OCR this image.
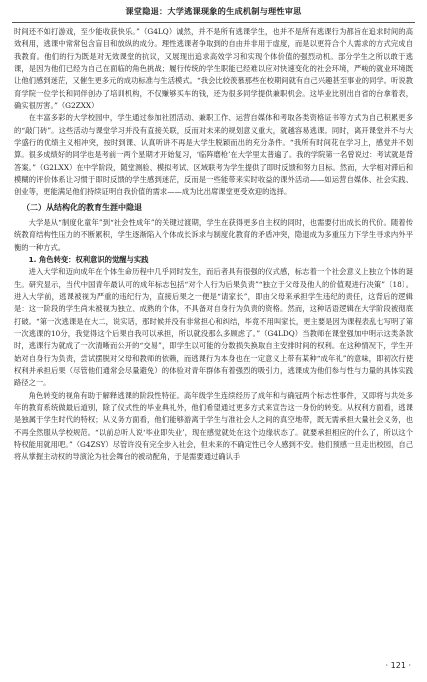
课堂隐退：大学逃课现象的生成机制与理性审思

时间还不如打游戏，至少能收获快乐。”（G4LQ）诚然，并不是所有逃课学生，也并不是所有逃课行为都旨在追求时间的高效利用，逃课中常常包含盲目和放纵的成分。理性逃课者争取到的自由并非用于虚度，而是以更符合个人需求的方式完成自我教育。他们的行为既是对无效课堂的抗议，又展现出追求高效学习和实现个体价值的强烈动机。部分学生之所以敢于逃课，是因为他们已经为自己在面临的角色挑战；履行传统的学生职能已经难以应对快速变化的社会环境，严峻的就业环境既让他们感到迷茫，又催生更多元的成功标准与生活模式。“我会比较羡慕那些在校期间就有自己兴趣甚至事业的同学。听说教育学院一位学长和同伴创办了培训机构，不仅赚够买车的钱，还为很多同学提供兼职机会。这毕业比别出自省的台拿着表，确实很厉害。”（G2ZXX）

在丰富多彩的大学校园中，学生通过参加社团活动、兼职工作、运营自媒体和考取各类资格证书等方式为自己积累更多的“敲门砖”。这些活动与课堂学习并没有直接关联，反而对未来的规划意义重大，就越容易逃课。同时，离开课堂并不与大学盛行的优绩主义相冲突，按时到课、认真听讲不再是大学生脱颖而出的充分条件。“我所有时间花在学习上，感觉并不划算。很多成绩好的同学也是考前一两个星期才开始复习，‘临阵磨枪’在大学里太普遍了。我的学院第一名曾说过：考试就是背答案。”（G2LXX）在中学阶段，随堂测验、模拟考试、区域联考为学生提供了即时反馈和努力目标。然而，大学相对滞后和模糊的评价体系让习惯于即时反馈的学生感到迷茫，反而是一些能带来实时收益的课外活动——如运营自媒体、社会实践、创业等，更能满足他们持续证明自我价值的需求——成为比出席课堂更受欢迎的选择。

（二）从结构化的教育生涯中隐退

大学是从“制度化童年”到“社会性成年”的关键过渡期，学生在获得更多自主权的同时，也需要付出成长的代价。随着传统教育结构性压力的不断累积，学生逐渐陷入个体成长诉求与制度化教育的矛盾冲突，隐退成为多重压力下学生寻求内外平衡的一种方式。

1. 角色转变：权利意识的觉醒与实践

进入大学和迈向成年在个体生命历程中几乎同时发生，而后者具有很强的仪式感，标志着一个社会意义上独立个体的诞生。研究显示，当代中国青年最认可的成年标志包括“对个人行为后果负责”“独立于父母及他人的价值观进行决策”〔18〕。进入大学前，逃课被视为严重的违纪行为，直接后果之一便是“请家长”，即由父母来承担学生违纪的责任，这背后的逻辑是：这一阶段的学生尚未被视为独立、成熟的个体，不具备对自身行为负责的资格。然而，这种话语逻辑在大学阶段被彻底打破。“第一次逃课是在大二，说实话，那时候并没有非常担心和纠结，毕竟不用叫家长，更主要是因为课程表乱七写明了第一次逃课的10分，我觉得这个后果自我可以承担，所以就没那么多顾虑了。”（G4LDQ）当教师在课堂强加中明示这类条款时，逃课行为就成了一次清晰而公开的“交易”，即学生以可能的分数损失换取自主安排时间的权利。在这种情况下，学生开始对自身行为负责，尝试摆脱对父母和教师的依赖，而逃课行为本身也在一定意义上带有某种“成年礼”的意味，即初次行使权利并承担后果（尽管他们通常会尽量避免）的体验对青年群体有着强烈的吸引力，逃课成为他们参与性与力量的具体实践路径之一。

角色转变的视角有助于解释逃课的阶段性特征。高年级学生连续经历了成年和与确冠两个标志性事件，又即将与共处多年的教育系统做最后道别，除了仪式性的毕业典礼外，他们希望通过更多方式来宣告这一身份的转变。从权利方面看，逃课是独属于学生时代的特权；从义务方面看，他们能够游离于学生与准社会人之间的真空地带，既无需承担大量社会义务，也不再全然服从学校规范。“以前总听人说‘毕业即失业’，现在感觉就处在这个边缘状态了。就要承担相应的什么了，所以这个特权能用就用吧。”（G4ZSY）尽管许没有完全步入社会，但未来的不确定性已令人感到不安。他们预感一旦走出校园，自己将从掌握主动权的导演沦为社会舞台的被动配角，于是需要通过确认手

· 121 ·
